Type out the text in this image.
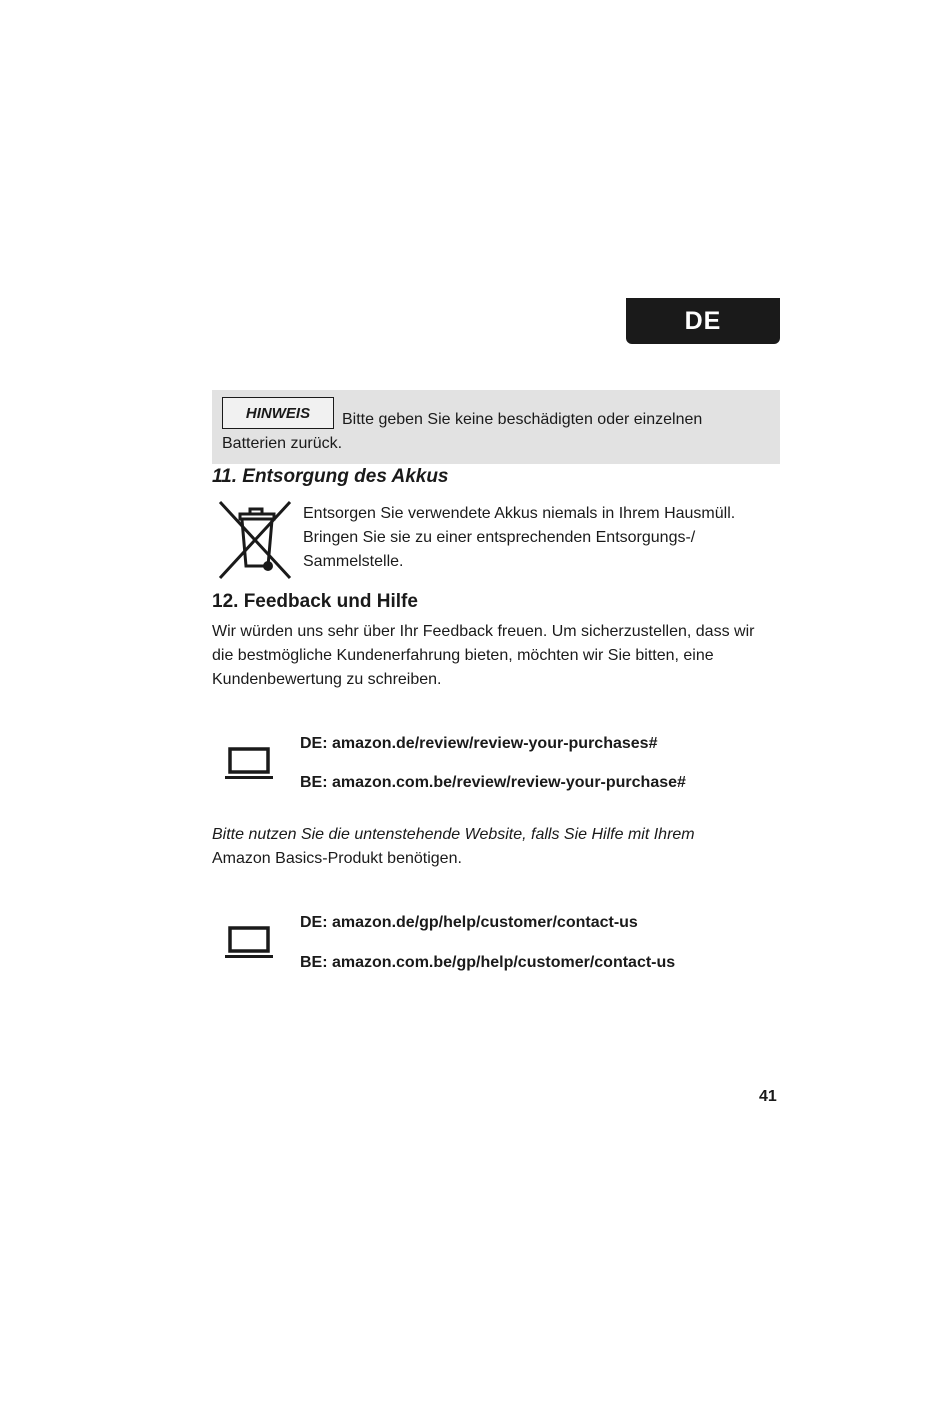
DE
HINWEIS	Bitte geben Sie keine beschädigten oder einzelnen
Batterien zurück.
11. Entsorgung des Akkus
Entsorgen Sie verwendete Akkus niemals in Ihrem Hausmüll.
Bringen Sie sie zu einer entsprechenden Entsorgungs-/
Sammelstelle.
12. Feedback und Hilfe
Wir würden uns sehr über Ihr Feedback freuen. Um sicherzustellen, dass wir
die bestmögliche Kundenerfahrung bieten, möchten wir Sie bitten, eine
Kundenbewertung zu schreiben.
DE: amazon.de/review/review-your-purchases#
BE: amazon.com.be/review/review-your-purchase#
Bitte nutzen Sie die untenstehende Website, falls Sie Hilfe mit Ihrem
Amazon Basics-Produkt benötigen.
DE: amazon.de/gp/help/customer/contact-us
BE: amazon.com.be/gp/help/customer/contact-us
41
